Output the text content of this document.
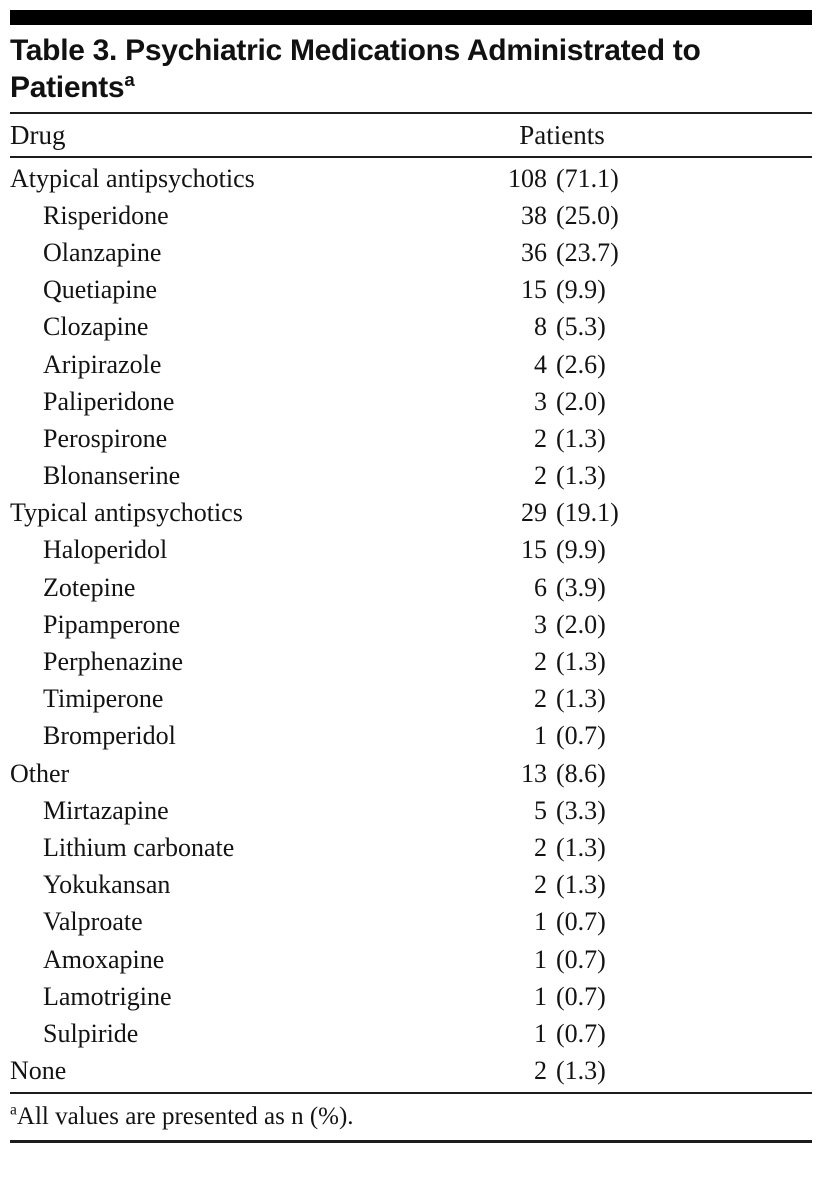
Table 3. Psychiatric Medications Administrated to Patients$^a$
Drug	Patients
Atypical antipsychotics	108 (71.1)
Risperidone	38 (25.0)
Olanzapine	36 (23.7)
Quetiapine	15 (9.9)
Clozapine	8 (5.3)
Aripirazole	4 (2.6)
Paliperidone	3 (2.0)
Perospirone	2 (1.3)
Blonanserine	2 (1.3)
Typical antipsychotics	29 (19.1)
Haloperidol	15 (9.9)
Zotepine	6 (3.9)
Pipamperone	3 (2.0)
Perphenazine	2 (1.3)
Timiperone	2 (1.3)
Bromperidol	1 (0.7)
Other	13 (8.6)
Mirtazapine	5 (3.3)
Lithium carbonate	2 (1.3)
Yokukansan	2 (1.3)
Valproate	1 (0.7)
Amoxapine	1 (0.7)
Lamotrigine	1 (0.7)
Sulpiride	1 (0.7)
None	2 (1.3)
$^a$All values are presented as n (%).
